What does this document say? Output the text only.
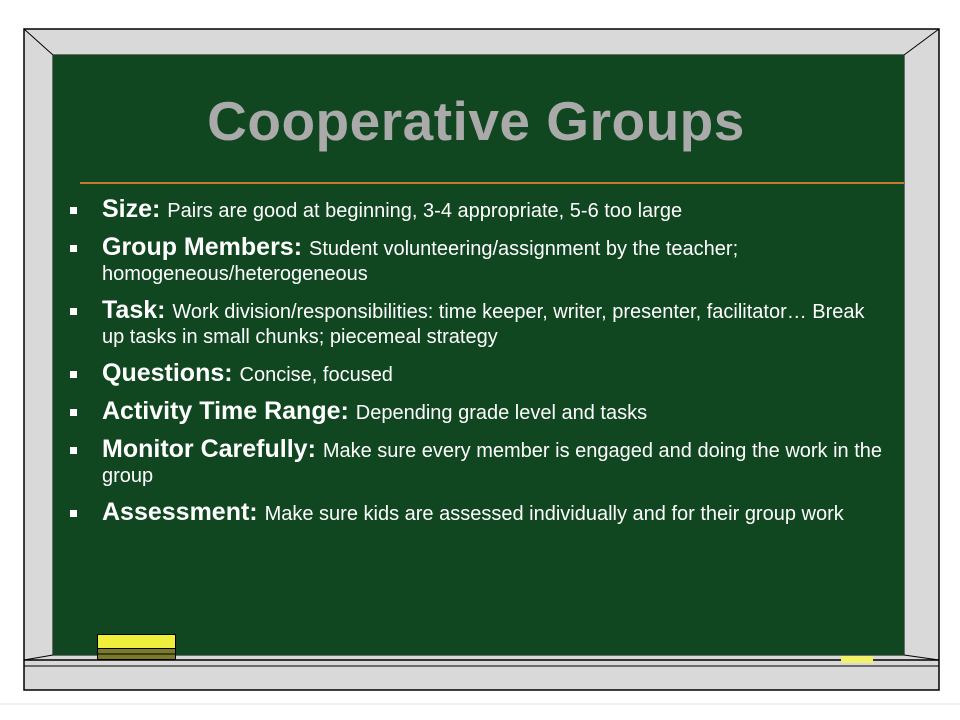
Cooperative Groups
Size: Pairs are good at beginning, 3-4 appropriate, 5-6 too large
Group Members: Student volunteering/assignment by the teacher; homogeneous/heterogeneous
Task: Work division/responsibilities: time keeper, writer, presenter, facilitator… Break up tasks in small chunks; piecemeal strategy
Questions: Concise, focused
Activity Time Range: Depending grade level and tasks
Monitor Carefully: Make sure every member is engaged and doing the work in the group
Assessment: Make sure kids are assessed individually and for their group work
